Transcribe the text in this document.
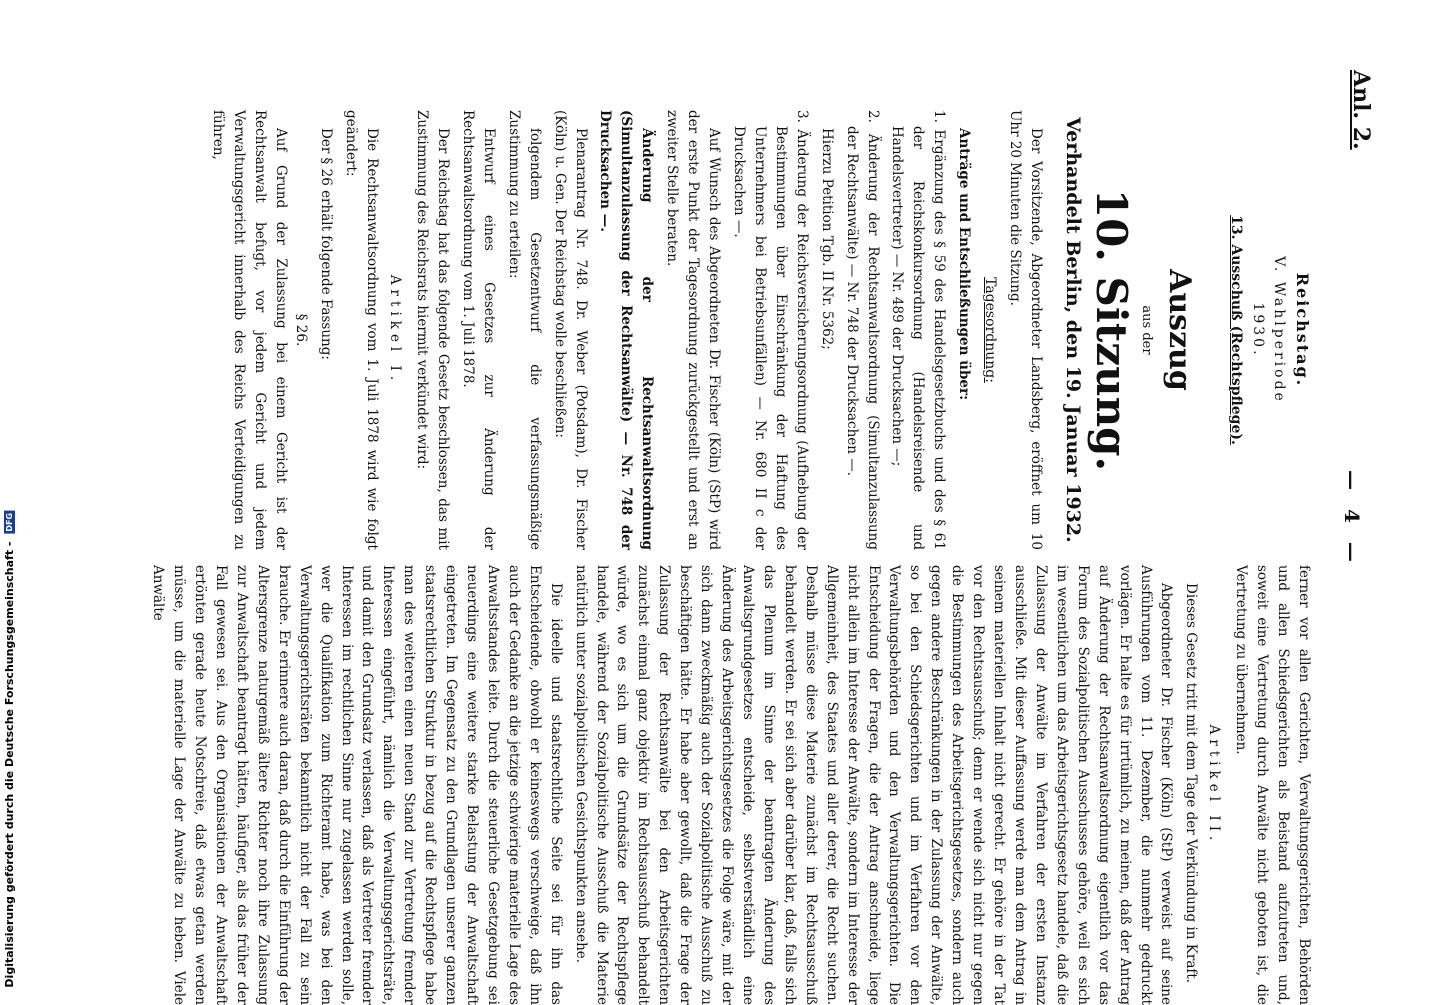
Digitalisierung gefördert durch die Deutsche Forschungsgemeinschaft - DFG
Anl. 2.
— 4 —
Reichstag.
V. Wahlperiode
1930.
13. Ausschuß (Rechtspflege).
Auszug
aus der
10. Sitzung.
Verhandelt Berlin, den 19. Januar 1932.

Der Vorsitzende, Abgeordneter Landsberg, eröffnet um 10 Uhr 20 Minuten die Sitzung.

Tagesordnung:

Anträge und Entschließungen über:

1. Ergänzung des § 59 des Handelsgesetzbuchs und des § 61 der Reichskonkursordnung (Handelsreisende und Handelsvertreter) — Nr. 489 der Drucksachen —;

2. Änderung der Rechtsanwaltsordnung (Simultanzulassung der Rechtsanwälte) — Nr. 748 der Drucksachen —.

Hierzu Petition Tgb. II Nr. 5362;

3. Änderung der Reichsversicherungsordnung (Aufhebung der Bestimmungen über Einschränkung der Haftung des Unternehmers bei Betriebsunfällen) — Nr. 680 II c der Drucksachen —.

Auf Wunsch des Abgeordneten Dr. Fischer (Köln) (StP) wird der erste Punkt der Tagesordnung zurückgestellt und erst an zweiter Stelle beraten.

Änderung der Rechtsanwaltsordnung (Simultanzulassung der Rechtsanwälte) — Nr. 748 der Drucksachen —.

Plenarantrag Nr. 748. Dr. Weber (Potsdam), Dr. Fischer (Köln) u. Gen. Der Reichstag wolle beschließen:

folgendem Gesetzentwurf die verfassungsmäßige Zustimmung zu erteilen:

Entwurf eines Gesetzes zur Änderung der Rechtsanwaltsordnung vom 1. Juli 1878.

Der Reichstag hat das folgende Gesetz beschlossen, das mit Zustimmung des Reichsrats hiermit verkündet wird:

Artikel I.

Die Rechtsanwaltsordnung vom 1. Juli 1878 wird wie folgt geändert:

Der § 26 erhält folgende Fassung:

§ 26.

Auf Grund der Zulassung bei einem Gericht ist der Rechtsanwalt befugt, vor jedem Gericht und jedem Verwaltungsgericht innerhalb des Reichs Verteidigungen zu führen,

ferner vor allen Gerichten, Verwaltungsgerichten, Behörden und allen Schiedsgerichten als Beistand aufzutreten und, soweit eine Vertretung durch Anwälte nicht geboten ist, die Vertretung zu übernehmen.

Artikel II.

Dieses Gesetz tritt mit dem Tage der Verkündung in Kraft.

Abgeordneter Dr. Fischer (Köln) (StP) verweist auf seine Ausführungen vom 11. Dezember, die nunmehr gedruckt vorlägen. Er halte es für irrtümlich, zu meinen, daß der Antrag auf Änderung der Rechtsanwaltsordnung eigentlich vor das Forum des Sozialpolitischen Ausschusses gehöre, weil es sich im wesentlichen um das Arbeitsgerichtsgesetz handele, daß die Zulassung der Anwälte im Verfahren der ersten Instanz ausschließe. Mit dieser Auffassung werde man dem Antrag in seinem materiellen Inhalt nicht gerecht. Er gehöre in der Tat vor den Rechtsausschuß; denn er wende sich nicht nur gegen die Bestimmungen des Arbeitsgerichtsgesetzes, sondern auch gegen andere Beschränkungen in der Zulassung der Anwälte, so bei den Schiedsgerichten und im Verfahren vor den Verwaltungsbehörden und den Verwaltungsgerichten. Die Entscheidung der Fragen, die der Antrag anschneide, liege nicht allein im Interesse der Anwälte, sondern im Interesse der Allgemeinheit, des Staates und aller derer, die Recht suchen. Deshalb müsse diese Materie zunächst im Rechtsausschuß behandelt werden. Er sei sich aber darüber klar, daß, falls sich das Plenum im Sinne der beantragten Änderung des Anwaltsgrundgesetzes entscheide, selbstverständlich eine Änderung des Arbeitsgerichtsgesetzes die Folge wäre, mit der sich dann zweckmäßig auch der Sozialpolitische Ausschuß zu beschäftigen hätte. Er habe aber gewollt, daß die Frage der Zulassung der Rechtsanwälte bei den Arbeitsgerichten zunächst einmal ganz objektiv im Rechtsausschuß behandelt würde, wo es sich um die Grundsätze der Rechtspflege handele, während der Sozialpolitische Ausschuß die Materie natürlich unter sozialpolitischen Gesichtspunkten ansehe.

Die ideelle und staatsrechtliche Seite sei für ihn das Entscheidende, obwohl er keineswegs verschweige, daß ihn auch der Gedanke an die jetzige schwierige materielle Lage des Anwaltsstandes leite. Durch die steuerliche Gesetzgebung sei neuerdings eine weitere starke Belastung der Anwaltschaft eingetreten. Im Gegensatz zu den Grundlagen unserer ganzen staatsrechtlichen Struktur in bezug auf die Rechtspflege habe man des weiteren einen neuen Stand zur Vertretung fremder Interessen eingeführt, nämlich die Verwaltungsgerichtsräte, und damit den Grundsatz verlassen, daß als Vertreter fremder Interessen im rechtlichen Sinne nur zugelassen werden solle, wer die Qualifikation zum Richteramt habe, was bei den Verwaltungsgerichtsräten bekanntlich nicht der Fall zu sein brauche. Er erinnere auch daran, daß durch die Einführung der Altersgrenze naturgemäß ältere Richter noch ihre Zulassung zur Anwaltschaft beantragt hätten, häufiger, als das früher der Fall gewesen sei. Aus den Organisationen der Anwaltschaft ertönten gerade heute Notschreie, daß etwas getan werden müsse, um die materielle Lage der Anwälte zu heben. Viele Anwälte
